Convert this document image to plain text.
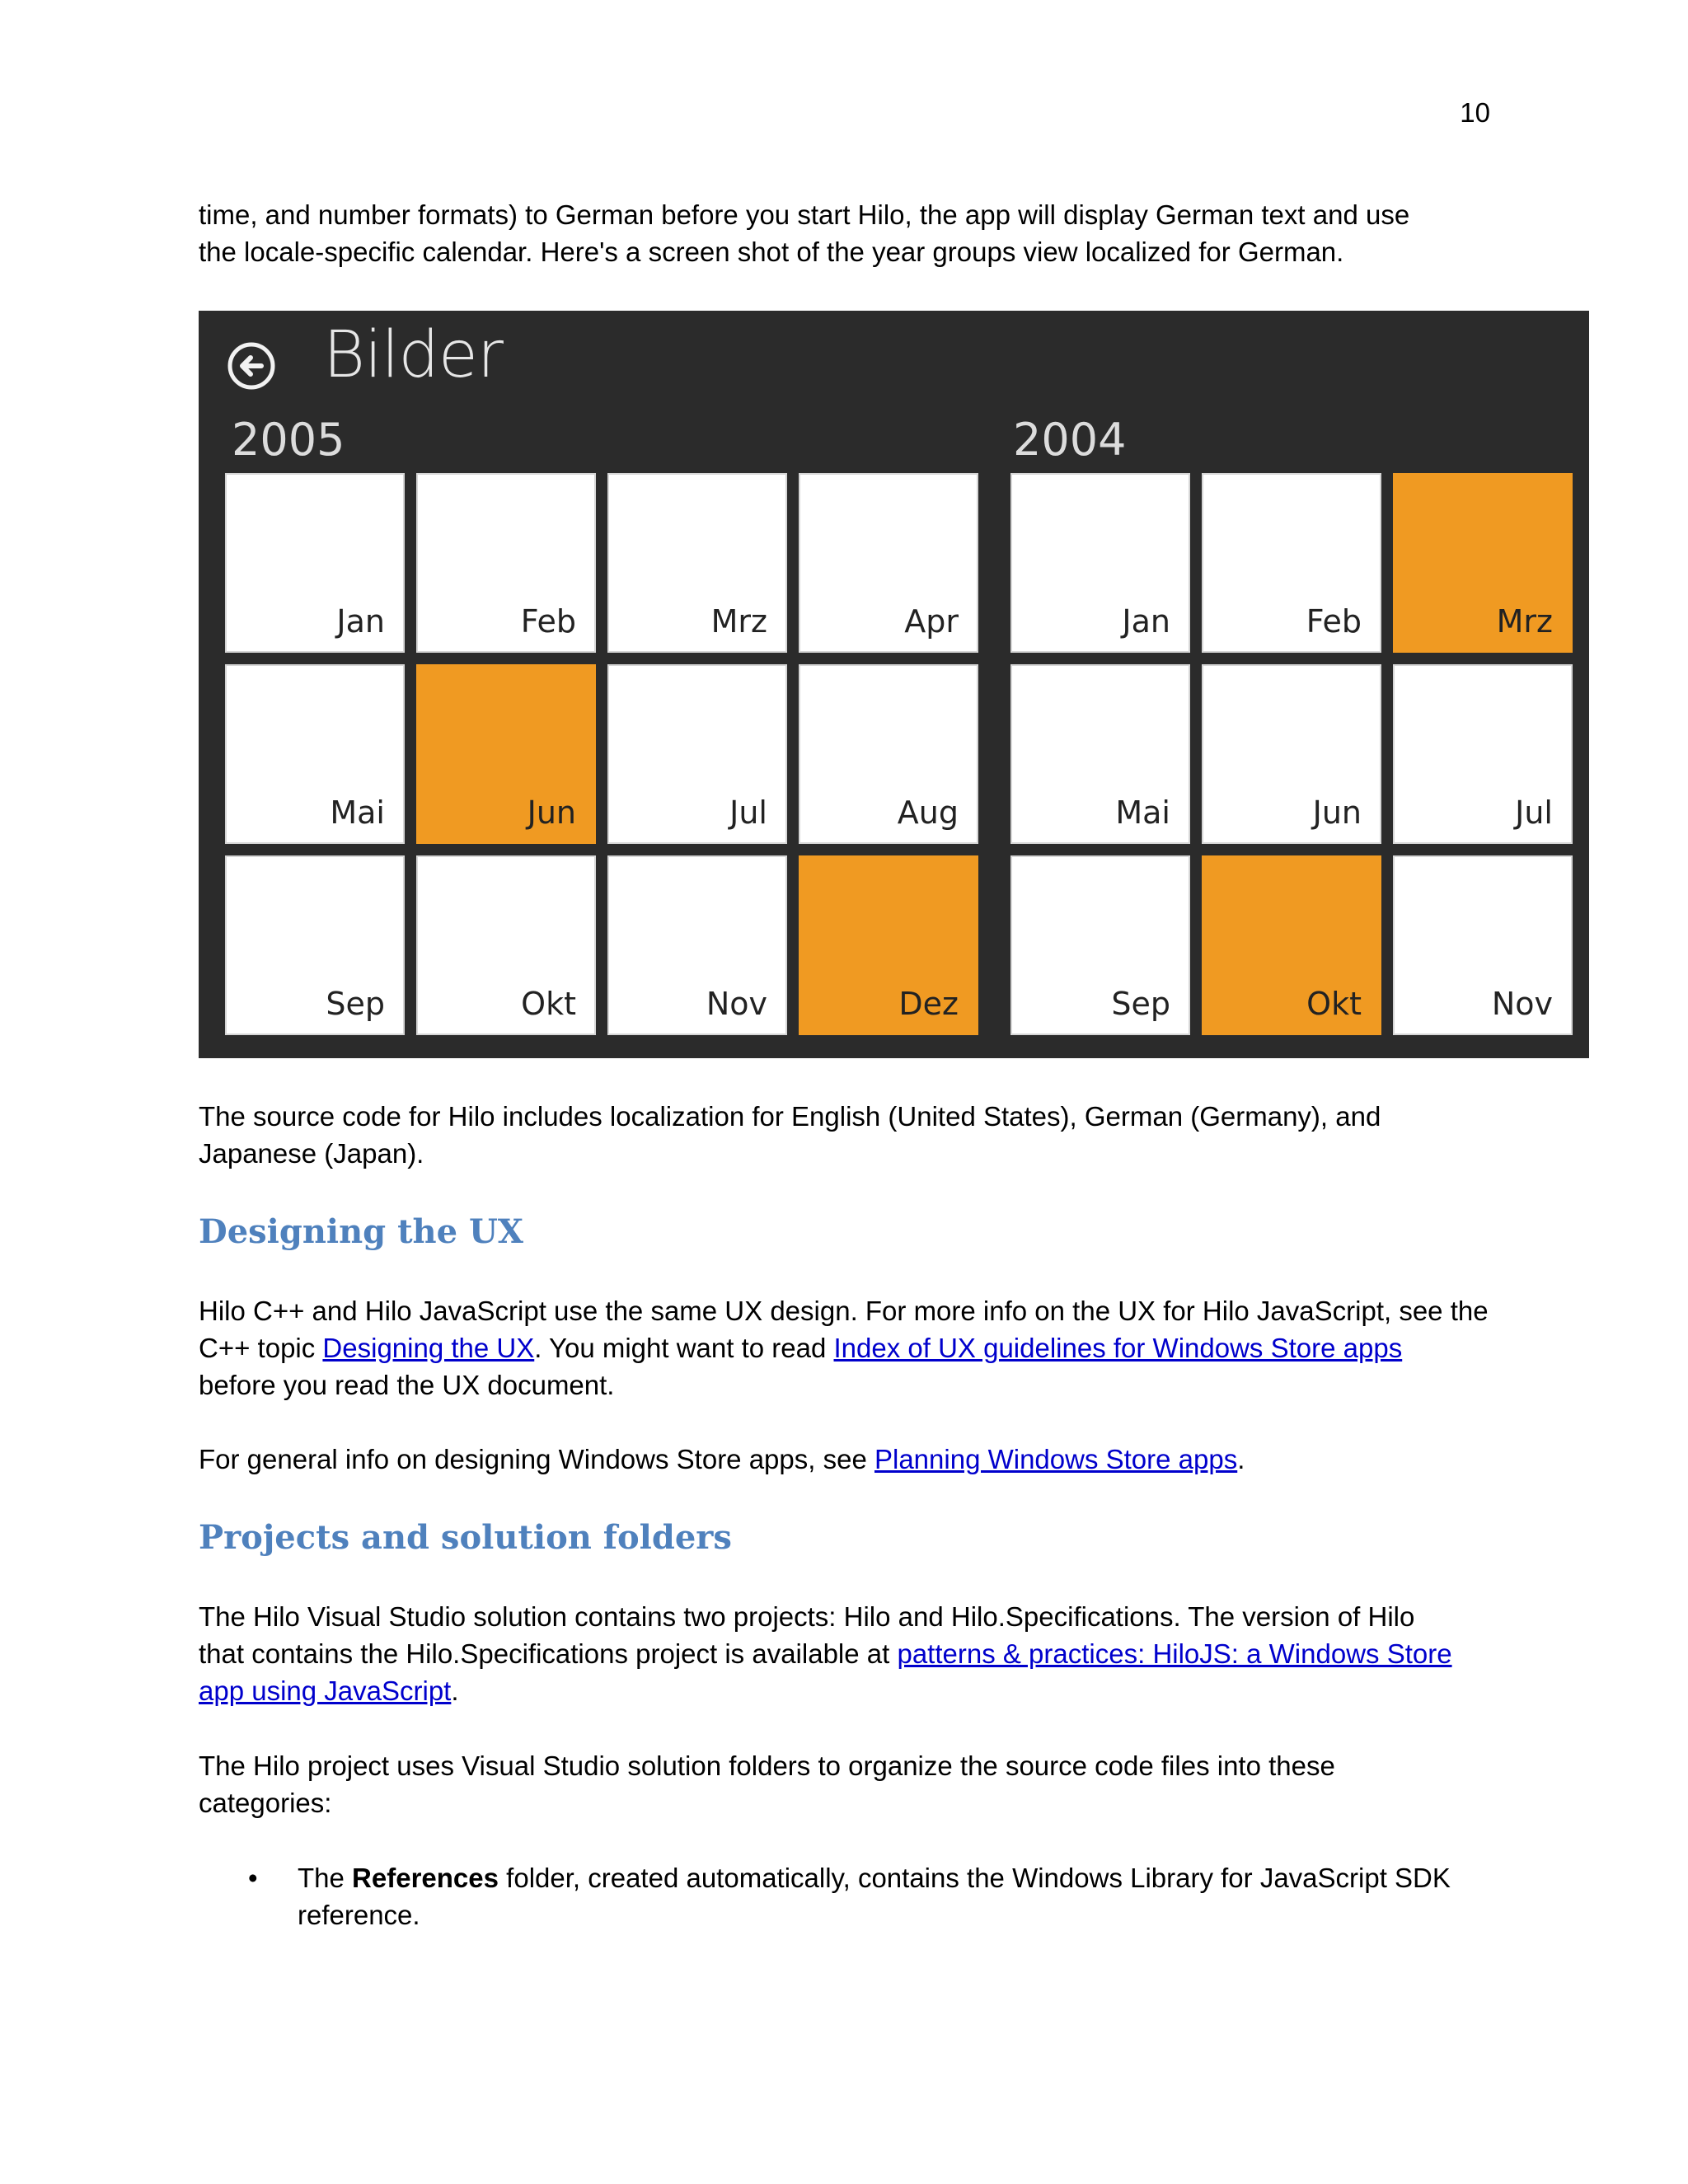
10

time, and number formats) to German before you start Hilo, the app will display German text and use

the locale-specific calendar. Here's a screen shot of the year groups view localized for German.

Bilder
2005	2004
Jan	Feb	Mrz	Apr
Mai	Jun	Jul	Aug
Sep	Okt	Nov	Dez
Jan	Feb	Mrz
Mai	Jun	Jul
Sep	Okt	Nov

The source code for Hilo includes localization for English (United States), German (Germany), and

Japanese (Japan).

Designing the UX

Hilo C++ and Hilo JavaScript use the same UX design. For more info on the UX for Hilo JavaScript, see the

C++ topic Designing the UX. You might want to read Index of UX guidelines for Windows Store apps

before you read the UX document.

For general info on designing Windows Store apps, see Planning Windows Store apps.

Projects and solution folders

The Hilo Visual Studio solution contains two projects: Hilo and Hilo.Specifications. The version of Hilo

that contains the Hilo.Specifications project is available at patterns & practices: HiloJS: a Windows Store

app using JavaScript.

The Hilo project uses Visual Studio solution folders to organize the source code files into these

categories:

• The References folder, created automatically, contains the Windows Library for JavaScript SDK
reference.
